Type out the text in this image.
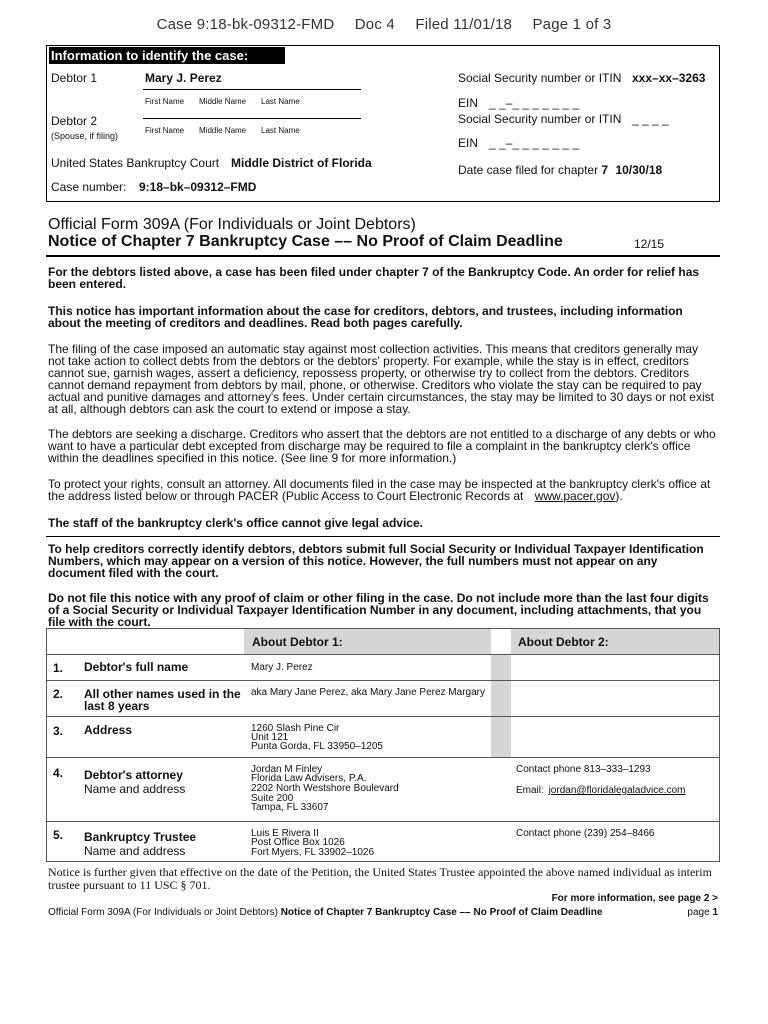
Case 9:18-bk-09312-FMD Doc 4 Filed 11/01/18 Page 1 of 3
Information to identify the case:
Debtor 1	Mary J. Perez
First Name Middle Name Last Name
Debtor 2
(Spouse, if filing)
First Name Middle Name Last Name
United States Bankruptcy Court Middle District of Florida
Case number: 9:18–bk–09312–FMD
Social Security number or ITIN xxx–xx–3263
EIN _ _–_ _ _ _ _ _ _
Social Security number or ITIN _ _ _ _
EIN _ _–_ _ _ _ _ _ _
Date case filed for chapter 7 10/30/18
Official Form 309A (For Individuals or Joint Debtors)
Notice of Chapter 7 Bankruptcy Case –– No Proof of Claim Deadline	12/15
For the debtors listed above, a case has been filed under chapter 7 of the Bankruptcy Code. An order for relief has been entered.
This notice has important information about the case for creditors, debtors, and trustees, including information about the meeting of creditors and deadlines. Read both pages carefully.
The filing of the case imposed an automatic stay against most collection activities. This means that creditors generally may not take action to collect debts from the debtors or the debtors' property. For example, while the stay is in effect, creditors cannot sue, garnish wages, assert a deficiency, repossess property, or otherwise try to collect from the debtors. Creditors cannot demand repayment from debtors by mail, phone, or otherwise. Creditors who violate the stay can be required to pay actual and punitive damages and attorney's fees. Under certain circumstances, the stay may be limited to 30 days or not exist at all, although debtors can ask the court to extend or impose a stay.
The debtors are seeking a discharge. Creditors who assert that the debtors are not entitled to a discharge of any debts or who want to have a particular debt excepted from discharge may be required to file a complaint in the bankruptcy clerk's office within the deadlines specified in this notice. (See line 9 for more information.)
To protect your rights, consult an attorney. All documents filed in the case may be inspected at the bankruptcy clerk's office at the address listed below or through PACER (Public Access to Court Electronic Records at www.pacer.gov).
The staff of the bankruptcy clerk's office cannot give legal advice.
To help creditors correctly identify debtors, debtors submit full Social Security or Individual Taxpayer Identification Numbers, which may appear on a version of this notice. However, the full numbers must not appear on any document filed with the court.
Do not file this notice with any proof of claim or other filing in the case. Do not include more than the last four digits of a Social Security or Individual Taxpayer Identification Number in any document, including attachments, that you file with the court.
About Debtor 1:	About Debtor 2:
1. Debtor's full name	Mary J. Perez
2. All other names used in the
last 8 years
aka Mary Jane Perez, aka Mary Jane Perez Margary
3. Address	1260 Slash Pine Cir
Unit 121
Punta Gorda, FL 33950–1205
4. Debtor's attorney
Name and address
Jordan M Finley
Florida Law Advisers, P.A.
2202 North Westshore Boulevard
Suite 200
Tampa, FL 33607
Contact phone 813–333–1293
Email: jordan@floridalegaladvice.com
5. Bankruptcy Trustee
Name and address
Luis E Rivera II
Post Office Box 1026
Fort Myers, FL 33902–1026
Contact phone (239) 254–8466
Notice is further given that effective on the date of the Petition, the United States Trustee appointed the above named individual as interim trustee pursuant to 11 USC § 701.
For more information, see page 2 >
Official Form 309A (For Individuals or Joint Debtors) Notice of Chapter 7 Bankruptcy Case –– No Proof of Claim Deadline	page 1
